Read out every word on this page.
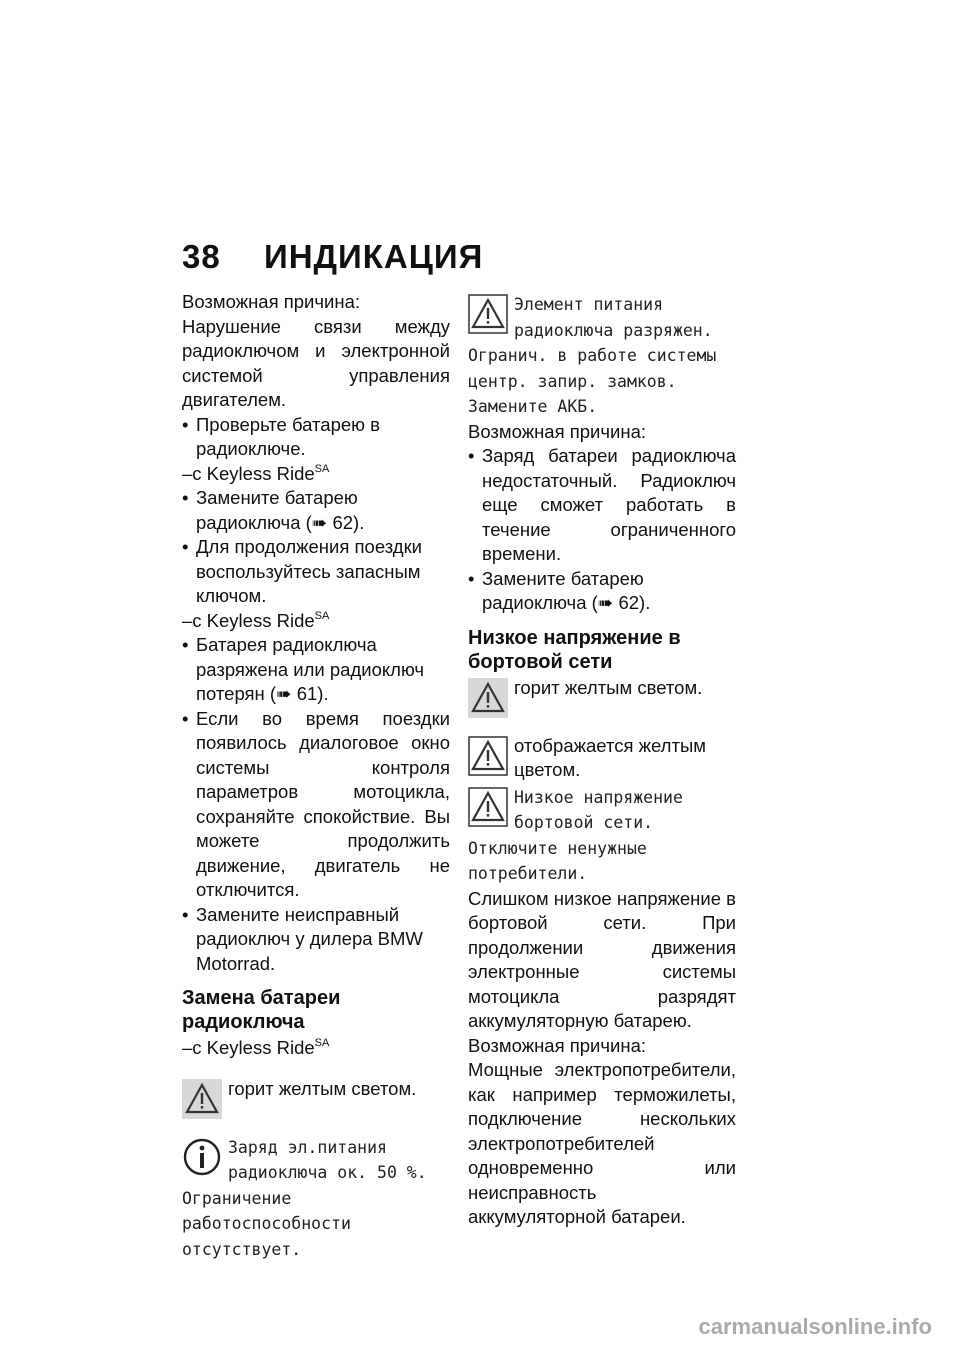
38 ИНДИКАЦИЯ

Возможная причина:

Нарушение связи между радиоключом и электронной системой управления двигателем.

• Проверьте батарею в радиоключе.

–с Keyless Ride$^{SA}$

• Замените батарею радиоключа (➠ 62).

• Для продолжения поездки воспользуйтесь запасным ключом.

–с Keyless Ride$^{SA}$

• Батарея радиоключа разряжена или радиоключ потерян (➠ 61).

• Если во время поездки появилось диалоговое окно системы контроля параметров мотоцикла, сохраняйте спокойствие. Вы можете продолжить движение, двигатель не отключится.

• Замените неисправный радиоключ у дилера BMW Motorrad.

Замена батареи радиоключа

–с Keyless Ride$^{SA}$

горит желтым светом.
Заряд эл.питания радиоключа ок. 50 %. Ограничение работоспособности отсутствует.
Элемент питания радиоключа разряжен. Огранич. в работе системы центр. запир. замков. Замените АКБ.

Возможная причина:

• Заряд батареи радиоключа недостаточный. Радиоключ еще сможет работать в течение ограниченного времени.

• Замените батарею радиоключа (➠ 62).

Низкое напряжение в бортовой сети
горит желтым светом.
отображается желтым цветом.
Низкое напряжение бортовой сети. Отключите ненужные потребители.

Слишком низкое напряжение в бортовой сети. При продолжении движения электронные системы мотоцикла разрядят аккумуляторную батарею.

Возможная причина:

Мощные электропотребители, как например терможилеты, подключение нескольких электропотребителей одновременно или неисправность аккумуляторной батареи.

carmanualsonline.info
